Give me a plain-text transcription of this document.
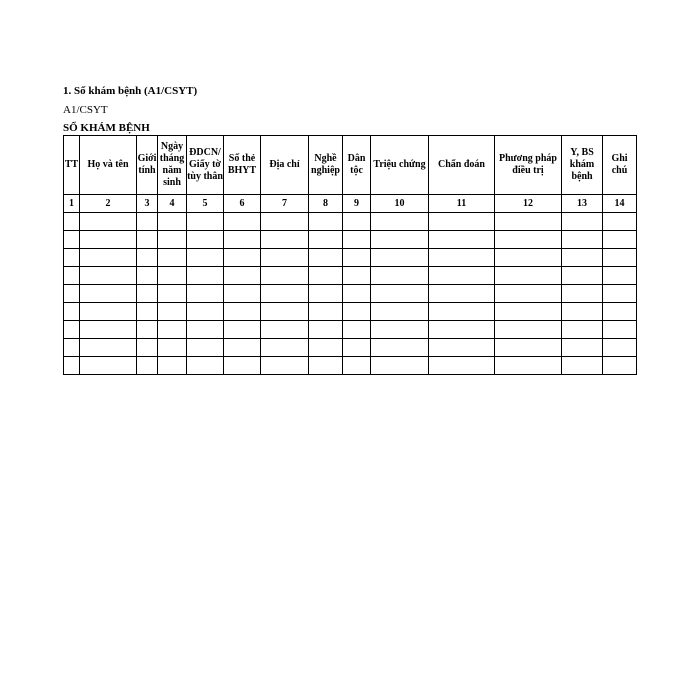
1. Sổ khám bệnh (A1/CSYT)
A1/CSYT
SỔ KHÁM BỆNH
TT	Họ và tên	Giới tính	Ngày tháng năm sinh	ĐDCN/ Giấy tờ tùy thân	Số thẻ BHYT	Địa chỉ	Nghề nghiệp	Dân tộc	Triệu chứng	Chẩn đoán	Phương pháp điều trị	Y, BS khám bệnh	Ghi chú
1	2	3	4	5	6	7	8	9	10	11	12	13	14
